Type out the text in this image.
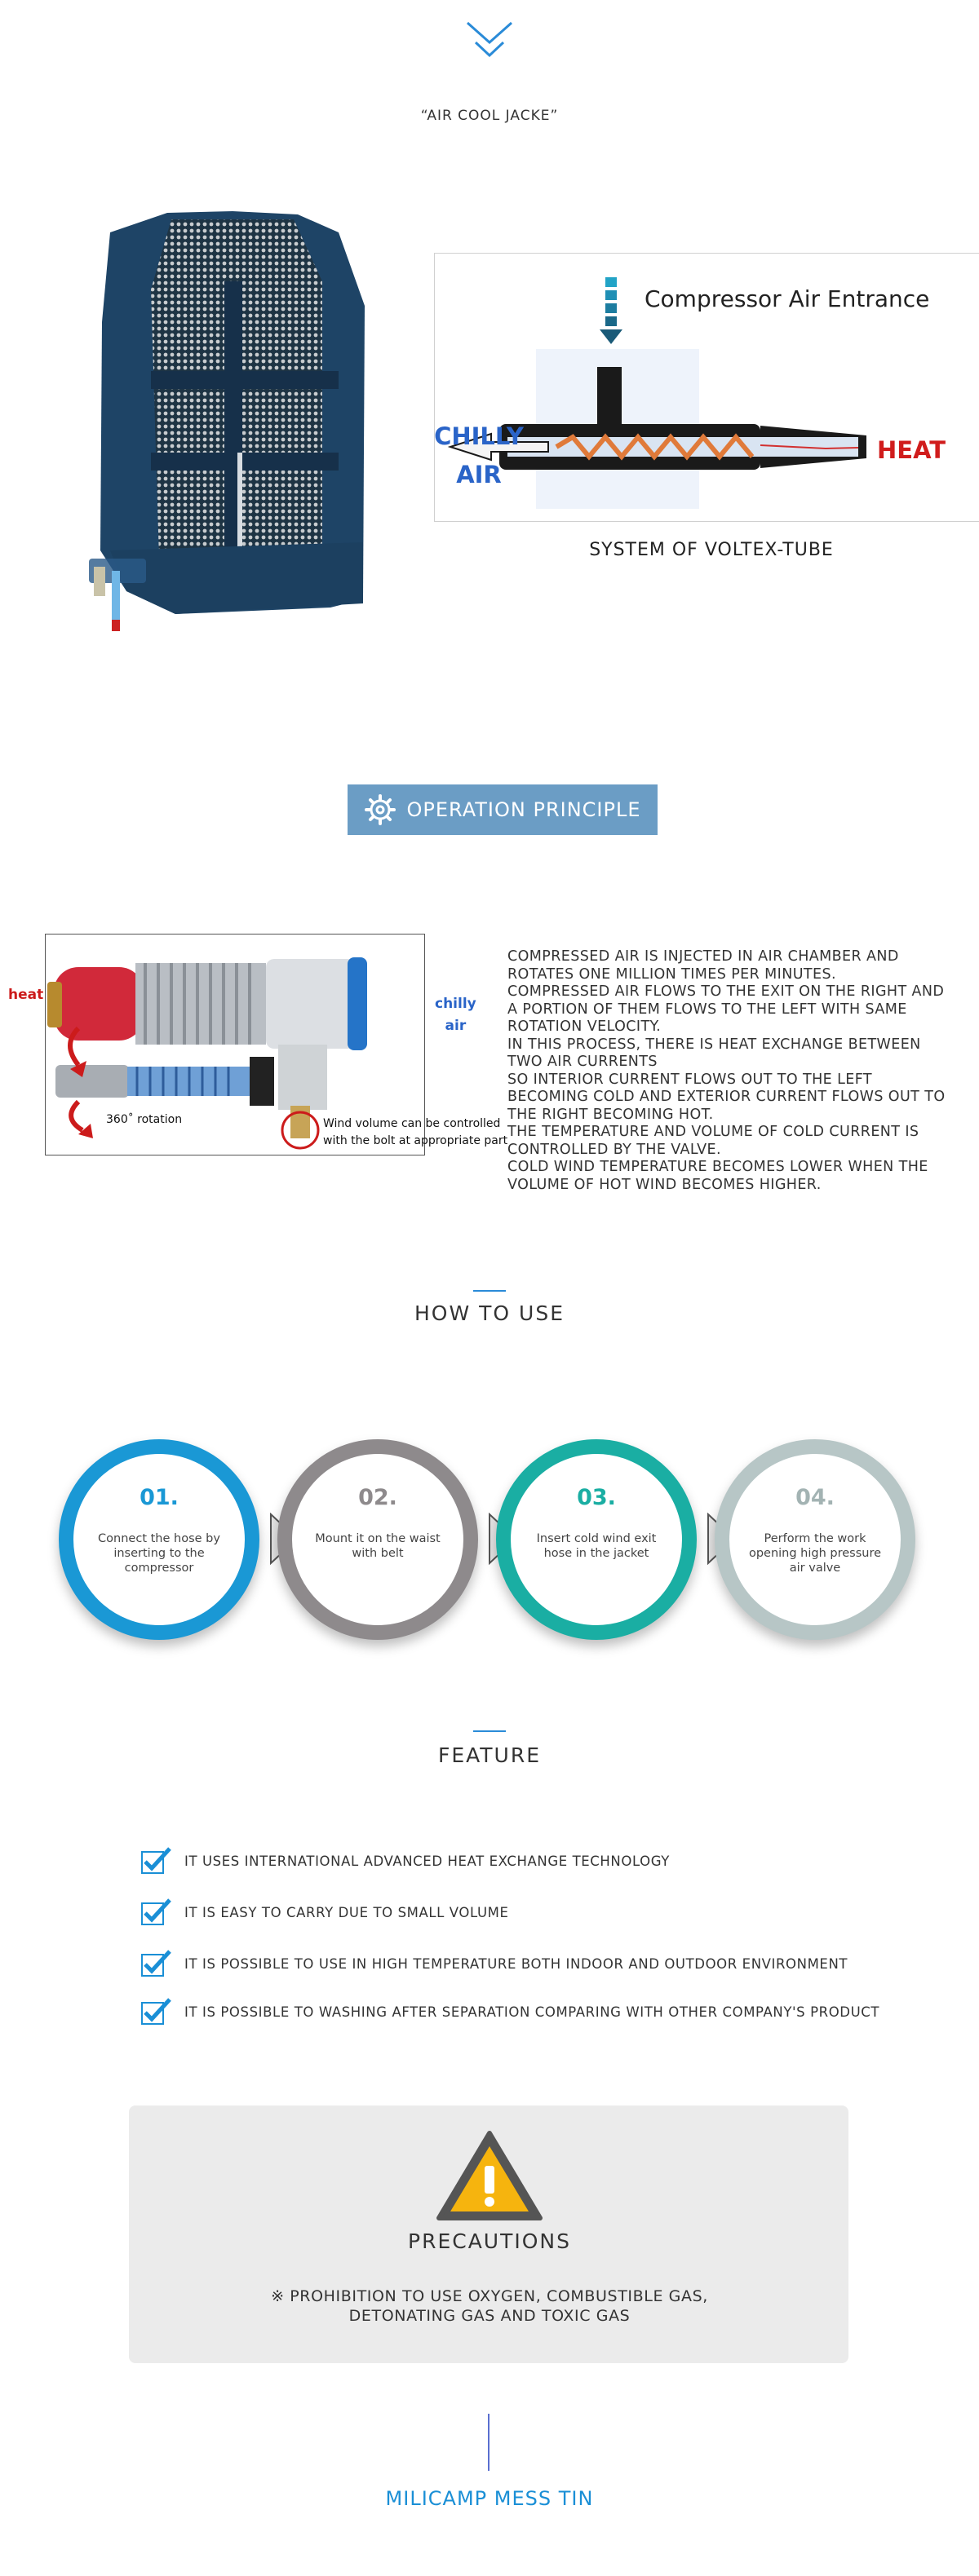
“AIR COOL JACKE”
Compressor Air Entrance
CHILLY
AIR
HEAT
SYSTEM OF VOLTEX-TUBE
OPERATION PRINCIPLE
heat
chilly
air
360˚ rotation	Wind volume can be controlled
with the bolt at appropriate part

COMPRESSED AIR IS INJECTED IN AIR CHAMBER AND ROTATES ONE MILLION TIMES PER MINUTES.

COMPRESSED AIR FLOWS TO THE EXIT ON THE RIGHT AND A PORTION OF THEM FLOWS TO THE LEFT WITH SAME ROTATION VELOCITY.

IN THIS PROCESS, THERE IS HEAT EXCHANGE BETWEEN TWO AIR CURRENTS

SO INTERIOR CURRENT FLOWS OUT TO THE LEFT BECOMING COLD AND EXTERIOR CURRENT FLOWS OUT TO THE RIGHT BECOMING HOT.

THE TEMPERATURE AND VOLUME OF COLD CURRENT IS CONTROLLED BY THE VALVE.

COLD WIND TEMPERATURE BECOMES LOWER WHEN THE VOLUME OF HOT WIND BECOMES HIGHER.

HOW TO USE
01.
Connect the hose by inserting to the compressor
02.
Mount it on the waist with belt
03.
Insert cold wind exit hose in the jacket
04.
Perform the work opening high pressure air valve
FEATURE
IT USES INTERNATIONAL ADVANCED HEAT EXCHANGE TECHNOLOGY
IT IS EASY TO CARRY DUE TO SMALL VOLUME
IT IS POSSIBLE TO USE IN HIGH TEMPERATURE BOTH INDOOR AND OUTDOOR ENVIRONMENT
IT IS POSSIBLE TO WASHING AFTER SEPARATION COMPARING WITH OTHER COMPANY'S PRODUCT
PRECAUTIONS
※ PROHIBITION TO USE OXYGEN, COMBUSTIBLE GAS,
DETONATING GAS AND TOXIC GAS
MILICAMP MESS TIN
